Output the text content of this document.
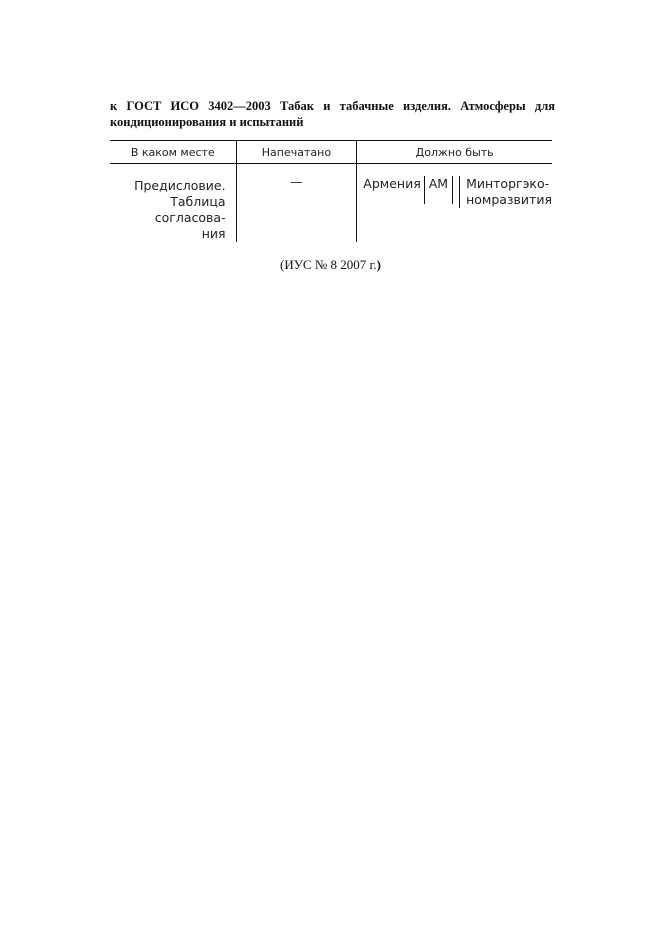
к ГОСТ ИСО 3402—2003 Табак и табачные изделия. Атмосферы для
кондиционирования и испытаний
В каком месте	Напечатано	Должно быть

Предисловие.
Таблица согласова-
ния	—	Армения AM Минторгэко-
номразвития
(ИУС № 8 2007 г.)
